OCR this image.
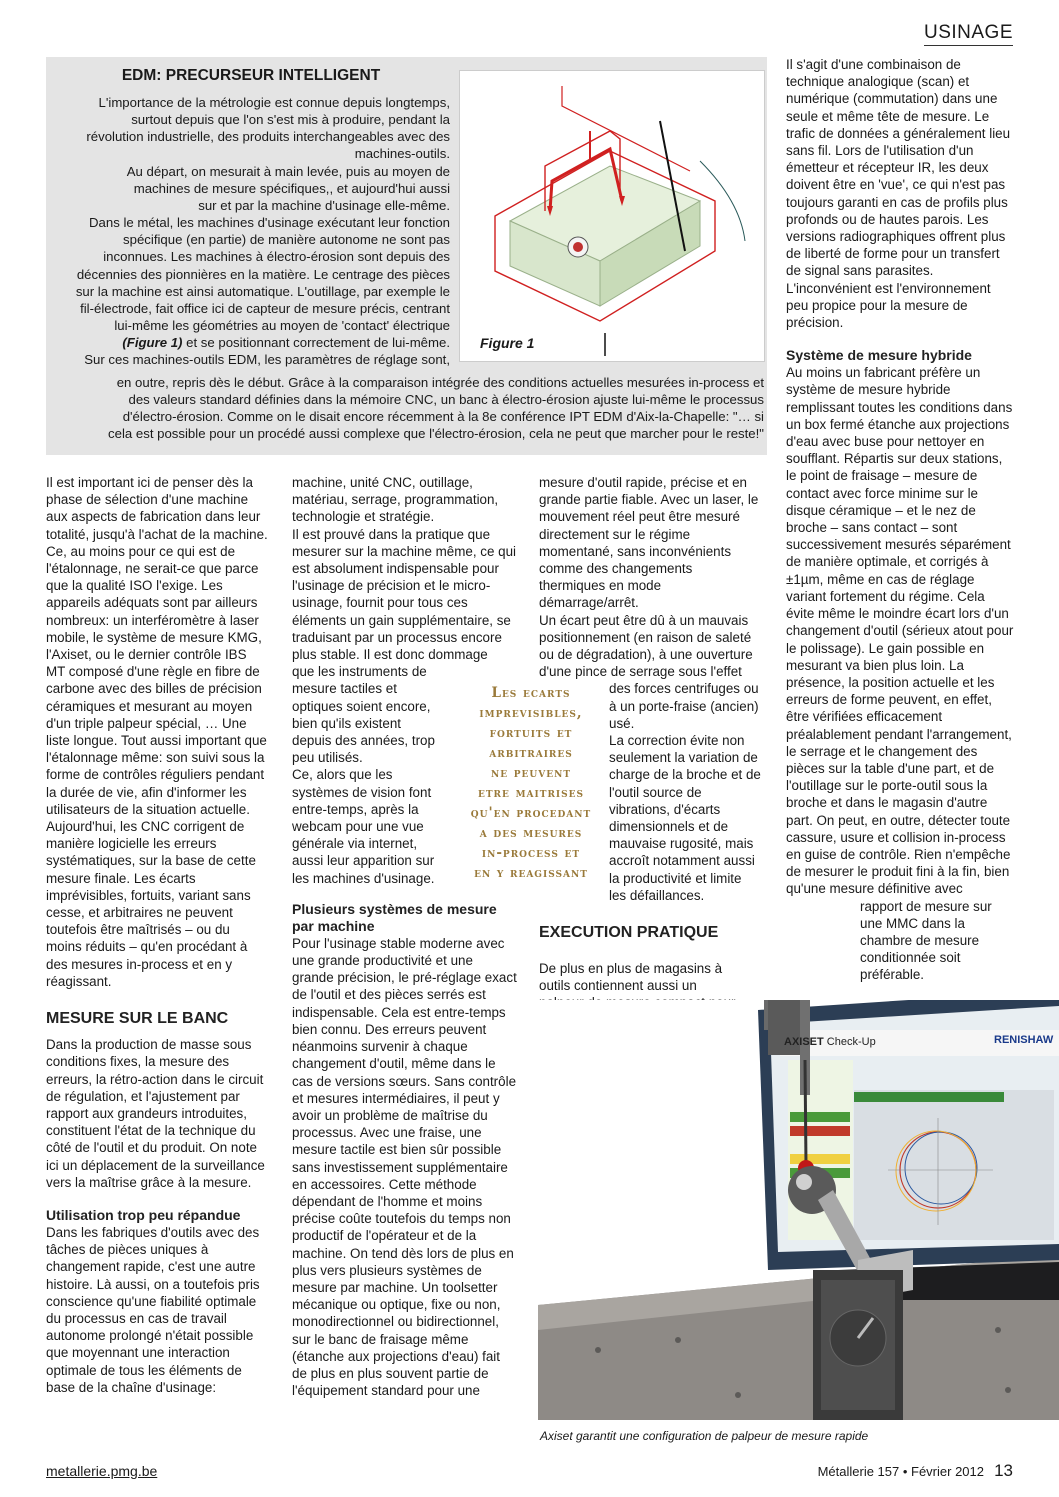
USINAGE
EDM: PRECURSEUR INTELLIGENT
L'importance de la métrologie est connue depuis longtemps,
surtout depuis que l'on s'est mis à produire, pendant la
révolution industrielle, des produits interchangeables avec des
machines-outils.
Au départ, on mesurait à main levée, puis au moyen de
machines de mesure spécifiques,, et aujourd'hui aussi
sur et par la machine d'usinage elle-même.
Dans le métal, les machines d'usinage exécutant leur fonction
spécifique (en partie) de manière autonome ne sont pas
inconnues. Les machines à électro-érosion sont depuis des
décennies des pionnières en la matière. Le centrage des pièces
sur la machine est ainsi automatique. L'outillage, par exemple le
fil-électrode, fait office ici de capteur de mesure précis, centrant
lui-même les géométries au moyen de 'contact' électrique
(Figure 1) et se positionnant correctement de lui-même.
Sur ces machines-outils EDM, les paramètres de réglage sont,
en outre, repris dès le début. Grâce à la comparaison intégrée des conditions actuelles mesurées in-process et
des valeurs standard définies dans la mémoire CNC, un banc à électro-érosion ajuste lui-même le processus
d'électro-érosion. Comme on le disait encore récemment à la 8e conférence IPT EDM d'Aix-la-Chapelle: "… si
cela est possible pour un procédé aussi complexe que l'électro-érosion, cela ne peut que marcher pour le reste!"
Figure 1

Il est important ici de penser dès la phase de sélection d'une machine aux aspects de fabrication dans leur totalité, jusqu'à l'achat de la machine. Ce, au moins pour ce qui est de l'étalonnage, ne serait-ce que parce que la qualité ISO l'exige. Les appareils adéquats sont par ailleurs nombreux: un interféromètre à laser mobile, le système de mesure KMG, l'Axiset, ou le dernier contrôle IBS MT composé d'une règle en fibre de carbone avec des billes de précision céramiques et mesurant au moyen d'un triple palpeur spécial, … Une liste longue. Tout aussi important que l'étalonnage même: son suivi sous la forme de contrôles réguliers pendant la durée de vie, afin d'informer les utilisateurs de la situation actuelle. Aujourd'hui, les CNC corrigent de manière logicielle les erreurs systématiques, sur la base de cette mesure finale. Les écarts imprévisibles, fortuits, variant sans cesse, et arbitraires ne peuvent toutefois être maîtrisés – ou du moins réduits – qu'en procédant à des mesures in-process et en y réagissant.

MESURE SUR LE BANC

Dans la production de masse sous conditions fixes, la mesure des erreurs, la rétro-action dans le circuit de régulation, et l'ajustement par rapport aux grandeurs introduites, constituent l'état de la technique du côté de l'outil et du produit. On note ici un déplacement de la surveillance vers la maîtrise grâce à la mesure.

Utilisation trop peu répandue

Dans les fabriques d'outils avec des tâches de pièces uniques à changement rapide, c'est une autre histoire. Là aussi, on a toutefois pris conscience qu'une fiabilité optimale du processus en cas de travail autonome prolongé n'était possible que moyennant une interaction optimale de tous les éléments de base de la chaîne d'usinage:

machine, unité CNC, outillage, matériau, serrage, programmation, technologie et stratégie.

Il est prouvé dans la pratique que mesurer sur la machine même, ce qui est absolument indispensable pour l'usinage de précision et le micro-usinage, fournit pour tous ces éléments un gain supplémentaire, se traduisant par un processus encore plus stable. Il est donc dommage

que les instruments de mesure tactiles et optiques soient encore, bien qu'ils existent depuis des années, trop peu utilisés.

Ce, alors que les systèmes de vision font entre-temps, après la webcam pour une vue générale via internet, aussi leur apparition sur les machines d'usinage.

Plusieurs systèmes de mesure par machine

Pour l'usinage stable moderne avec une grande productivité et une grande précision, le pré-réglage exact de l'outil et des pièces serrés est indispensable. Cela est entre-temps bien connu. Des erreurs peuvent néanmoins survenir à chaque changement d'outil, même dans le cas de versions sœurs. Sans contrôle et mesures intermédiaires, il peut y avoir un problème de maîtrise du processus. Avec une fraise, une mesure tactile est bien sûr possible sans investissement supplémentaire en accessoires. Cette méthode dépendant de l'homme et moins précise coûte toutefois du temps non productif de l'opérateur et de la machine. On tend dès lors de plus en plus vers plusieurs systèmes de mesure par machine. Un toolsetter mécanique ou optique, fixe ou non, monodirectionnel ou bidirectionnel, sur le banc de fraisage même (étanche aux projections d'eau) fait de plus en plus souvent partie de l'équipement standard pour une

Les ecarts
imprevisibles,
fortuits et
arbitraires
ne peuvent
etre maitrises
qu'en procedant
a des mesures
in-process et
en y reagissant

mesure d'outil rapide, précise et en grande partie fiable. Avec un laser, le mouvement réel peut être mesuré directement sur le régime momentané, sans inconvénients comme des changements thermiques en mode démarrage/arrêt.

Un écart peut être dû à un mauvais positionnement (en raison de saleté ou de dégradation), à une ouverture d'une pince de serrage sous l'effet

des forces centrifuges ou à un porte-fraise (ancien) usé.

La correction évite non seulement la variation de charge de la broche et de l'outil source de vibrations, d'écarts dimensionnels et de mauvaise rugosité, mais accroît notamment aussi la productivité et limite les défaillances.

EXECUTION PRATIQUE

De plus en plus de magasins à outils contiennent aussi un

Il s'agit d'une combinaison de technique analogique (scan) et numérique (commutation) dans une seule et même tête de mesure. Le trafic de données a généralement lieu sans fil. Lors de l'utilisation d'un émetteur et récepteur IR, les deux doivent être en 'vue', ce qui n'est pas toujours garanti en cas de profils plus profonds ou de hautes parois. Les versions radiographiques offrent plus de liberté de forme pour un transfert de signal sans parasites. L'inconvénient est l'environnement peu propice pour la mesure de précision.

Système de mesure hybride

Au moins un fabricant préfère un système de mesure hybride remplissant toutes les conditions dans un box fermé étanche aux projections d'eau avec buse pour nettoyer en soufflant. Répartis sur deux stations, le point de fraisage – mesure de contact avec force minime sur le disque céramique – et le nez de broche – sans contact – sont successivement mesurés séparément de manière optimale, et corrigés à ±1µm, même en cas de réglage variant fortement du régime. Cela évite même le moindre écart lors d'un changement d'outil (sérieux atout pour le polissage). Le gain possible en mesurant va bien plus loin. La présence, la position actuelle et les erreurs de forme peuvent, en effet, être vérifiées efficacement préalablement pendant l'arrangement, le serrage et le changement des pièces sur la table d'une part, et de l'outillage sur le porte-outil sous la broche et dans le magasin d'autre part. On peut, en outre, détecter toute cassure, usure et collision in-process en guise de contrôle. Rien n'empêche de mesurer le produit fini à la fin, bien qu'une mesure définitive avec

rapport de mesure sur une MMC dans la chambre de mesure conditionnée soit préférable.

AXISET Check-Up	RENISHAW
Axiset garantit une configuration de palpeur de mesure rapide
metallerie.pmg.be	Métallerie 157 • Février 2012 13
